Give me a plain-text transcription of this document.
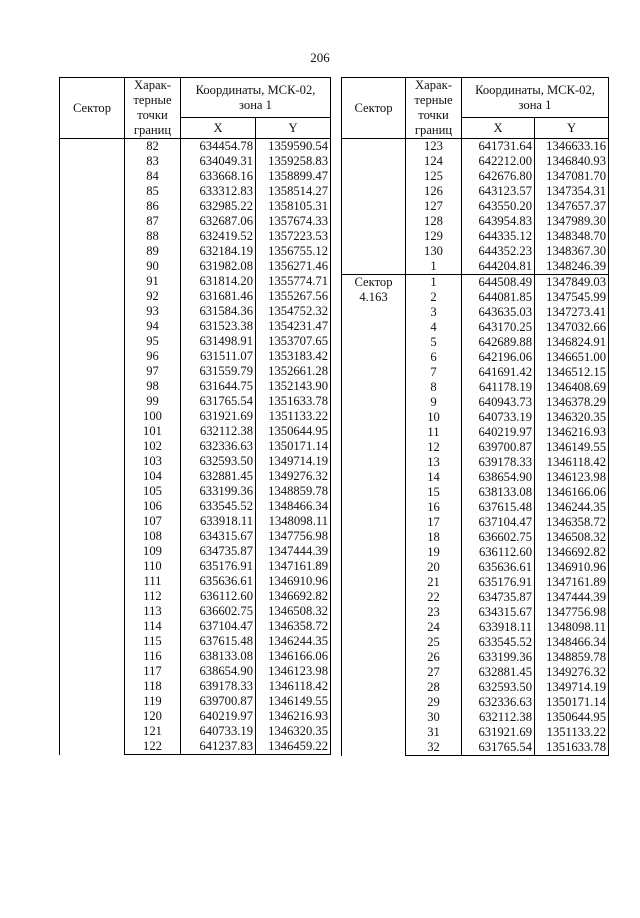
206
Сектор	Харак-терные точки границ	Координаты, МСК-02, зона 1	
		X	Y
	82	634454.78	1359590.54
	83	634049.31	1359258.83
	84	633668.16	1358899.47
	85	633312.83	1358514.27
	86	632985.22	1358105.31
	87	632687.06	1357674.33
	88	632419.52	1357223.53
	89	632184.19	1356755.12
	90	631982.08	1356271.46
	91	631814.20	1355774.71
	92	631681.46	1355267.56
	93	631584.36	1354752.32
	94	631523.38	1354231.47
	95	631498.91	1353707.65
	96	631511.07	1353183.42
	97	631559.79	1352661.28
	98	631644.75	1352143.90
	99	631765.54	1351633.78
	100	631921.69	1351133.22
	101	632112.38	1350644.95
	102	632336.63	1350171.14
	103	632593.50	1349714.19
	104	632881.45	1349276.32
	105	633199.36	1348859.78
	106	633545.52	1348466.34
	107	633918.11	1348098.11
	108	634315.67	1347756.98
	109	634735.87	1347444.39
	110	635176.91	1347161.89
	111	635636.61	1346910.96
	112	636112.60	1346692.82
	113	636602.75	1346508.32
	114	637104.47	1346358.72
	115	637615.48	1346244.35
	116	638133.08	1346166.06
	117	638654.90	1346123.98
	118	639178.33	1346118.42
	119	639700.87	1346149.55
	120	640219.97	1346216.93
	121	640733.19	1346320.35
	122	641237.83	1346459.22
Сектор	Харак-терные точки границ	Координаты, МСК-02, зона 1	
		X	Y
	123	641731.64	1346633.16
	124	642212.00	1346840.93
	125	642676.80	1347081.70
	126	643123.57	1347354.31
	127	643550.20	1347657.37
	128	643954.83	1347989.30
	129	644335.12	1348348.70
	130	644352.23	1348367.30
	1	644204.81	1348246.39
Сектор 4.163	1	644508.49	1347849.03
	2	644081.85	1347545.99
	3	643635.03	1347273.41
	4	643170.25	1347032.66
	5	642689.88	1346824.91
	6	642196.06	1346651.00
	7	641691.42	1346512.15
	8	641178.19	1346408.69
	9	640943.73	1346378.29
	10	640733.19	1346320.35
	11	640219.97	1346216.93
	12	639700.87	1346149.55
	13	639178.33	1346118.42
	14	638654.90	1346123.98
	15	638133.08	1346166.06
	16	637615.48	1346244.35
	17	637104.47	1346358.72
	18	636602.75	1346508.32
	19	636112.60	1346692.82
	20	635636.61	1346910.96
	21	635176.91	1347161.89
	22	634735.87	1347444.39
	23	634315.67	1347756.98
	24	633918.11	1348098.11
	25	633545.52	1348466.34
	26	633199.36	1348859.78
	27	632881.45	1349276.32
	28	632593.50	1349714.19
	29	632336.63	1350171.14
	30	632112.38	1350644.95
	31	631921.69	1351133.22
	32	631765.54	1351633.78
